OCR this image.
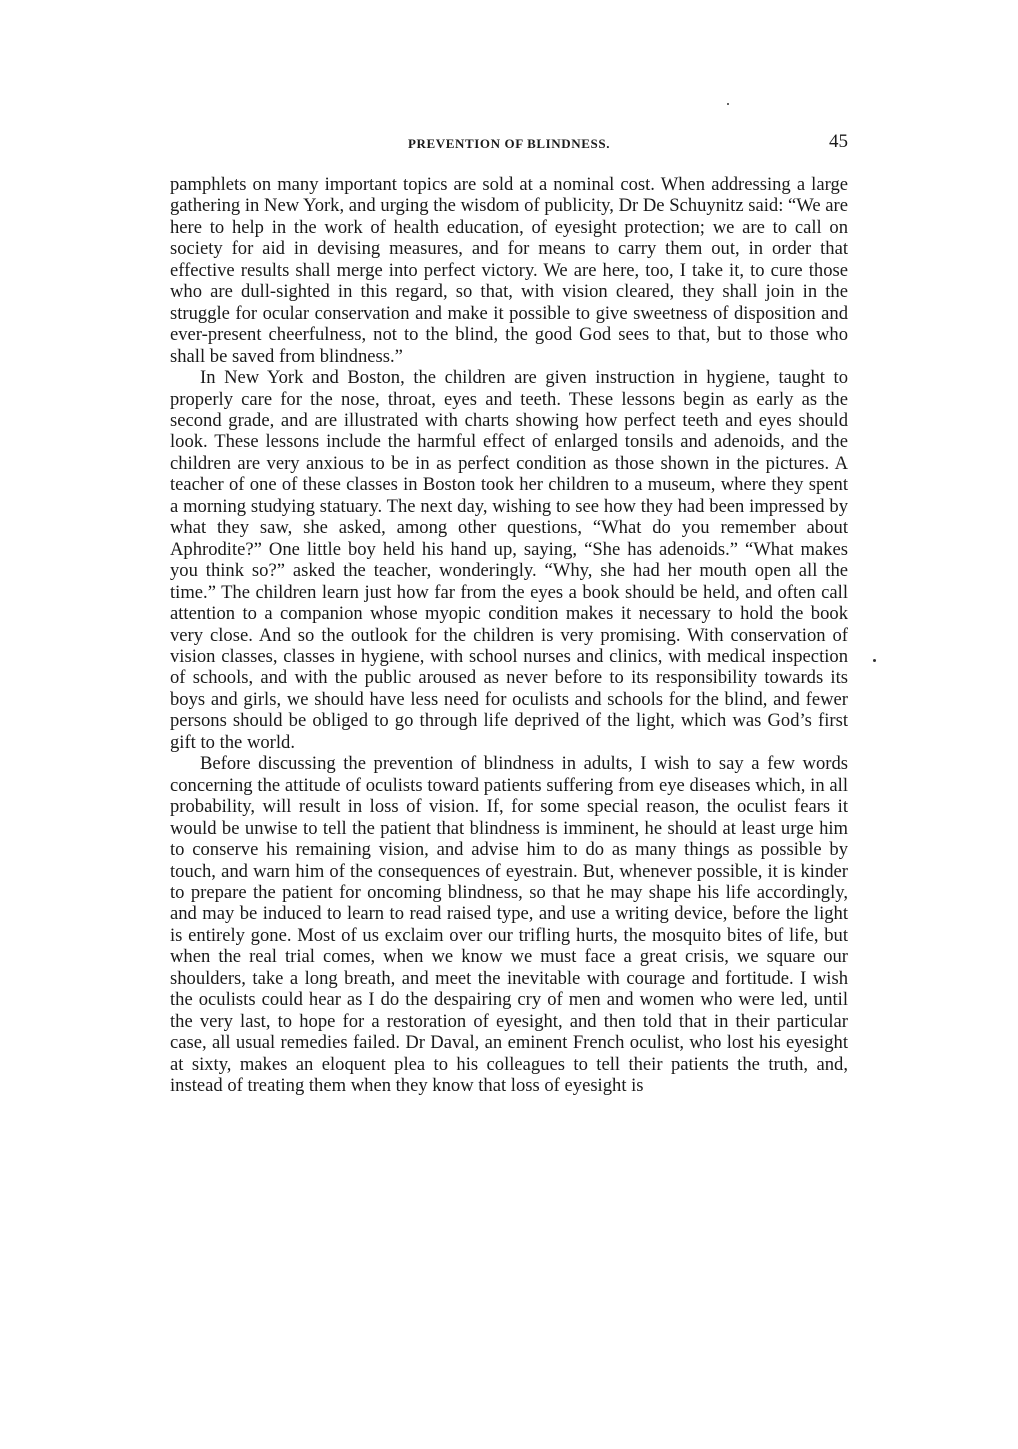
PREVENTION OF BLINDNESS.	45

pamphlets on many important topics are sold at a nominal cost. When addressing a large gathering in New York, and urging the wisdom of publicity, Dr De Schuynitz said: “We are here to help in the work of health education, of eyesight protection; we are to call on society for aid in devising measures, and for means to carry them out, in order that effective results shall merge into perfect victory. We are here, too, I take it, to cure those who are dull-sighted in this regard, so that, with vision cleared, they shall join in the struggle for ocular conservation and make it possible to give sweetness of disposition and ever-present cheerfulness, not to the blind, the good God sees to that, but to those who shall be saved from blindness.”

In New York and Boston, the children are given instruction in hygiene, taught to properly care for the nose, throat, eyes and teeth. These lessons begin as early as the second grade, and are illustrated with charts showing how perfect teeth and eyes should look. These lessons include the harmful effect of enlarged tonsils and adenoids, and the children are very anxious to be in as perfect condition as those shown in the pictures. A teacher of one of these classes in Boston took her children to a museum, where they spent a morning studying statuary. The next day, wishing to see how they had been impressed by what they saw, she asked, among other questions, “What do you remember about Aphrodite?” One little boy held his hand up, saying, “She has adenoids.” “What makes you think so?” asked the teacher, wonderingly. “Why, she had her mouth open all the time.” The children learn just how far from the eyes a book should be held, and often call attention to a companion whose myopic condition makes it necessary to hold the book very close. And so the outlook for the children is very promising. With conservation of vision classes, classes in hygiene, with school nurses and clinics, with medical inspection of schools, and with the public aroused as never before to its responsibility towards its boys and girls, we should have less need for oculists and schools for the blind, and fewer persons should be obliged to go through life deprived of the light, which was God’s first gift to the world.

Before discussing the prevention of blindness in adults, I wish to say a few words concerning the attitude of oculists toward patients suffering from eye diseases which, in all probability, will result in loss of vision. If, for some special reason, the oculist fears it would be unwise to tell the patient that blindness is imminent, he should at least urge him to conserve his remaining vision, and advise him to do as many things as possible by touch, and warn him of the consequences of eyestrain. But, whenever possible, it is kinder to prepare the patient for oncoming blindness, so that he may shape his life accordingly, and may be induced to learn to read raised type, and use a writing device, before the light is entirely gone. Most of us exclaim over our trifling hurts, the mosquito bites of life, but when the real trial comes, when we know we must face a great crisis, we square our shoulders, take a long breath, and meet the inevitable with courage and fortitude. I wish the oculists could hear as I do the despairing cry of men and women who were led, until the very last, to hope for a restoration of eyesight, and then told that in their particular case, all usual remedies failed. Dr Daval, an eminent French oculist, who lost his eyesight at sixty, makes an eloquent plea to his colleagues to tell their patients the truth, and, instead of treating them when they know that loss of eyesight is
